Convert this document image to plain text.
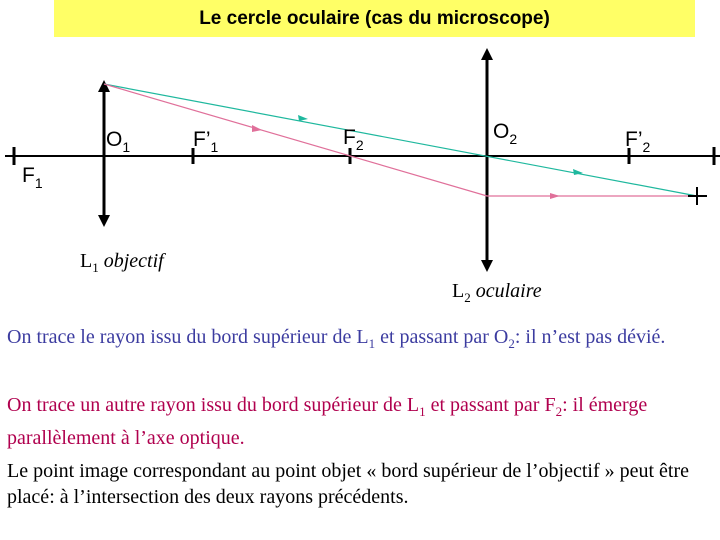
Le cercle oculaire (cas du microscope)
$O_1$	$F’_1$
$F_1$
$F_2$
$O_2$	$F’_2$
$L_1$ objectif
$L_2$ oculaire
On trace le rayon issu du bord supérieur de $L_1$ et passant par $O_2$: il n’est pas dévié.
On trace un autre rayon issu du bord supérieur de $L_1$ et passant par $F_2$: il émerge parallèlement à l’axe optique.
Le point image correspondant au point objet « bord supérieur de l’objectif » peut être placé: à l’intersection des deux rayons précédents.
